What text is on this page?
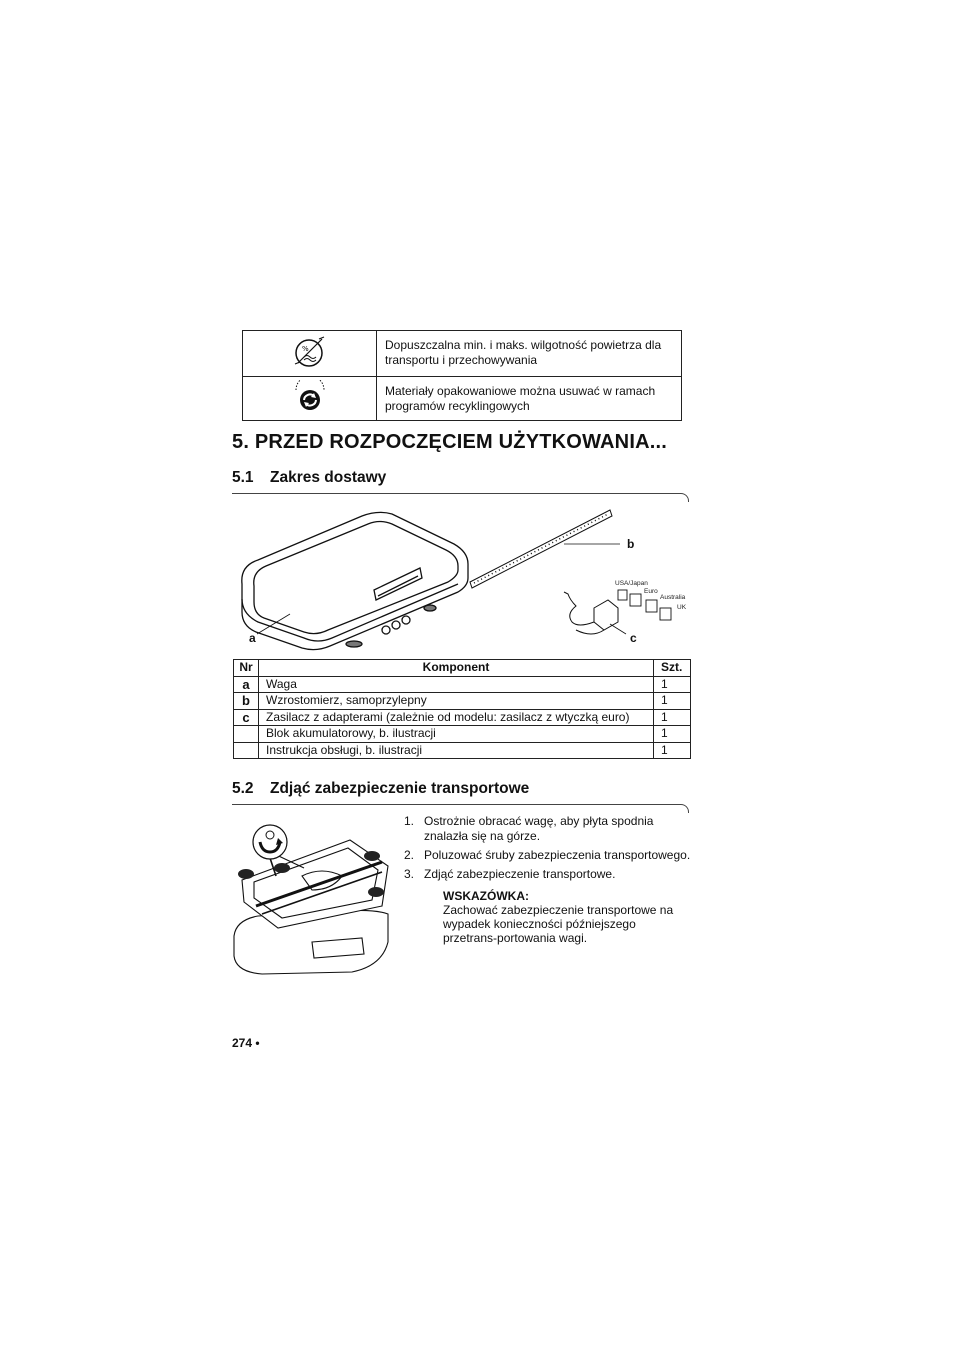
%	Dopuszczalna min. i maks. wilgotność powietrza dla transportu i przechowywania
	Materiały opakowaniowe można usuwać w ramach programów recyklingowych
5. PRZED ROZPOCZĘCIEM UŻYTKOWANIA...
5.1 Zakres dostawy
a
b
c
USA/Japan
Euro
Australia
UK
Nr	Komponent	Szt.
a	Waga	1
b	Wzrostomierz, samoprzylepny	1
c	Zasilacz z adapterami (zależnie od modelu: zasilacz z wtyczką euro)	1
	Blok akumulatorowy, b. ilustracji	1
	Instrukcja obsługi, b. ilustracji	1
5.2 Zdjąć zabezpieczenie transportowe
1. Ostrożnie obracać wagę, aby płyta spodnia znalazła się na górze.
2. Poluzować śruby zabezpieczenia transportowego.
3. Zdjąć zabezpieczenie transportowe.
WSKAZÓWKA:
Zachować zabezpieczenie transportowe na wypadek konieczności późniejszego przetrans-portowania wagi.
274 •
